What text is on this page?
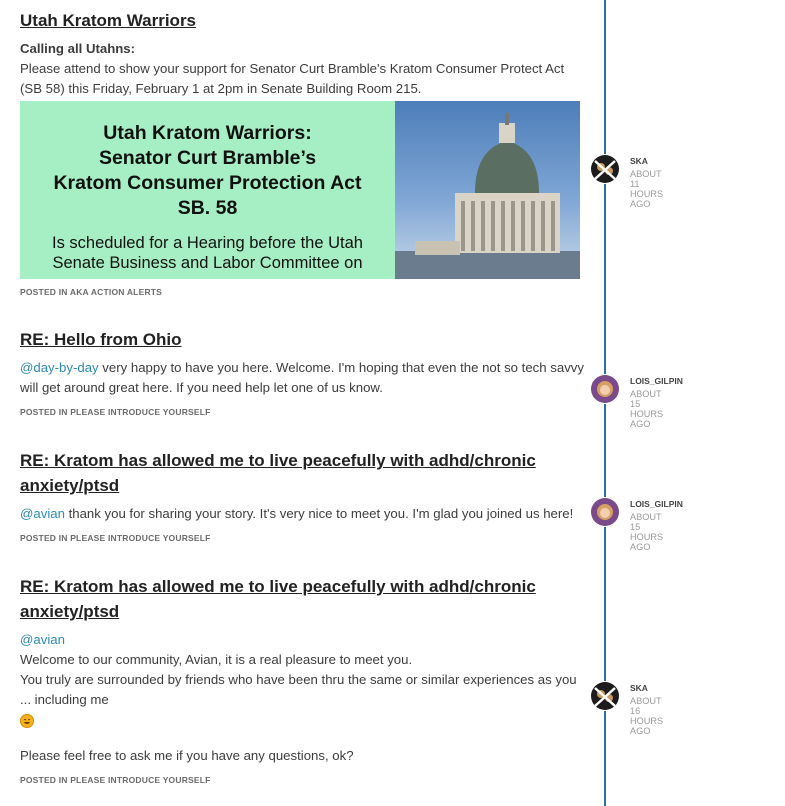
Utah Kratom Warriors

Calling all Utahns:

Please attend to show your support for Senator Curt Bramble's Kratom Consumer Protect Act (SB 58) this Friday, February 1 at 2pm in Senate Building Room 215.

Utah Kratom Warriors:
Senator Curt Bramble’s
Kratom Consumer Protection Act
SB. 58
Is scheduled for a Hearing before the Utah
Senate Business and Labor Committee on
POSTED IN AKA ACTION ALERTS
RE: Hello from Ohio

@day-by-day very happy to have you here. Welcome. I'm hoping that even the not so tech savvy will get around great here. If you need help let one of us know.

POSTED IN PLEASE INTRODUCE YOURSELF
RE: Kratom has allowed me to live peacefully with adhd/chronic anxiety/ptsd

@avian thank you for sharing your story. It's very nice to meet you. I'm glad you joined us here!

POSTED IN PLEASE INTRODUCE YOURSELF
RE: Kratom has allowed me to live peacefully with adhd/chronic anxiety/ptsd

@avian

Welcome to our community, Avian, it is a real pleasure to meet you.

You truly are surrounded by friends who have been thru the same or similar experiences as you ... including me

Please feel free to ask me if you have any questions, ok?

POSTED IN PLEASE INTRODUCE YOURSELF
SKA
ABOUT 11 HOURS AGO
LOIS_GILPIN
ABOUT 15 HOURS AGO
LOIS_GILPIN
ABOUT 15 HOURS AGO
SKA
ABOUT 16 HOURS AGO
